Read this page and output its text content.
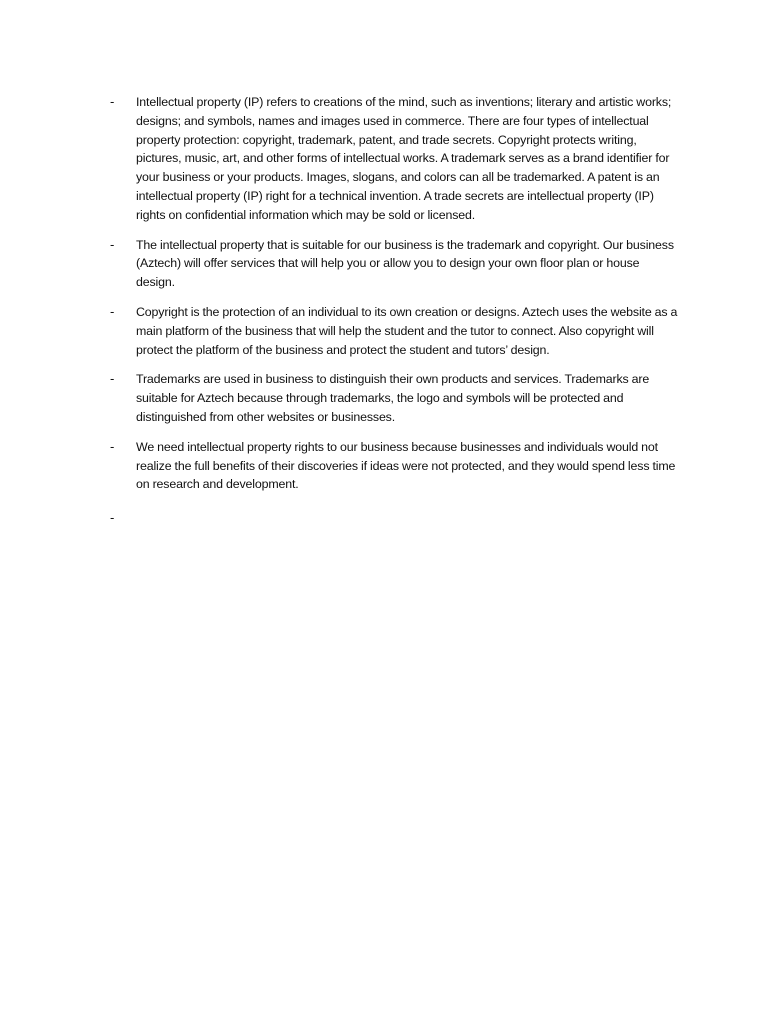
-	Intellectual property (IP) refers to creations of the mind, such as inventions; literary and artistic works; designs; and symbols, names and images used in commerce. There are four types of intellectual property protection: copyright, trademark, patent, and trade secrets. Copyright protects writing, pictures, music, art, and other forms of intellectual works. A trademark serves as a brand identifier for your business or your products. Images, slogans, and colors can all be trademarked. A patent is an intellectual property (IP) right for a technical invention. A trade secrets are intellectual property (IP) rights on confidential information which may be sold or licensed.
-	The intellectual property that is suitable for our business is the trademark and copyright. Our business (Aztech) will offer services that will help you or allow you to design your own floor plan or house design.
-	Copyright is the protection of an individual to its own creation or designs. Aztech uses the website as a main platform of the business that will help the student and the tutor to connect. Also copyright will protect the platform of the business and protect the student and tutors’ design.
-	Trademarks are used in business to distinguish their own products and services. Trademarks are suitable for Aztech because through trademarks, the logo and symbols will be protected and distinguished from other websites or businesses.
-	We need intellectual property rights to our business because businesses and individuals would not realize the full benefits of their discoveries if ideas were not protected, and they would spend less time on research and development.
-
